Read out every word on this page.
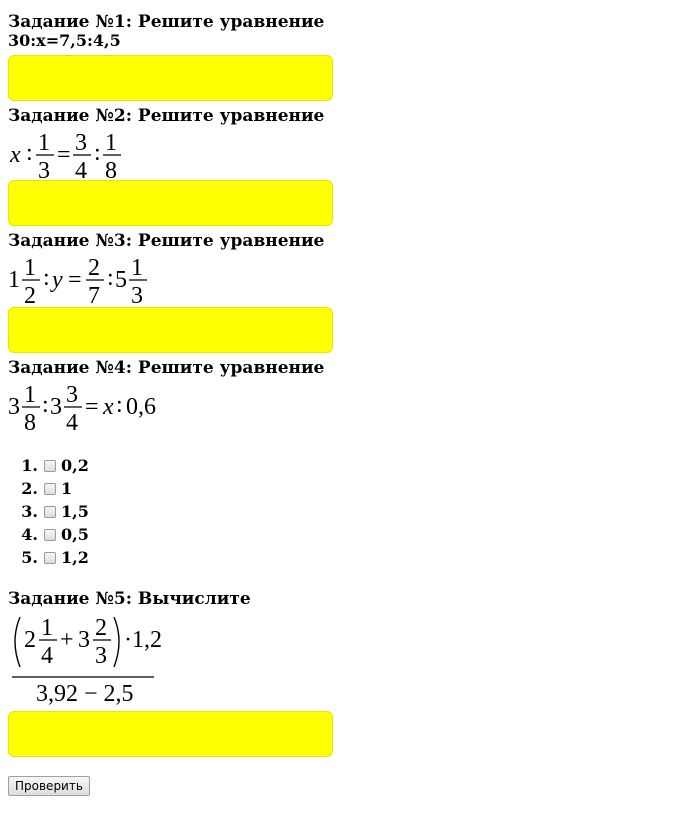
Задание №1: Решите уравнение

30:x=7,5:4,5

Задание №2: Решите уравнение

x : 1
3
= 3
4
: 1
8

Задание №3: Решите уравнение

1 1
2
: y = 2
7
: 5 1
3

Задание №4: Решите уравнение

3 1
8
: 3 3
4
= x : 0,6
1. 0,2
2. 1
3. 1,5
4. 0,5
5. 1,2

Задание №5: Вычислите

2 1
4
+ 3 2
3
·1,2
3,92 − 2,5
Проверить
